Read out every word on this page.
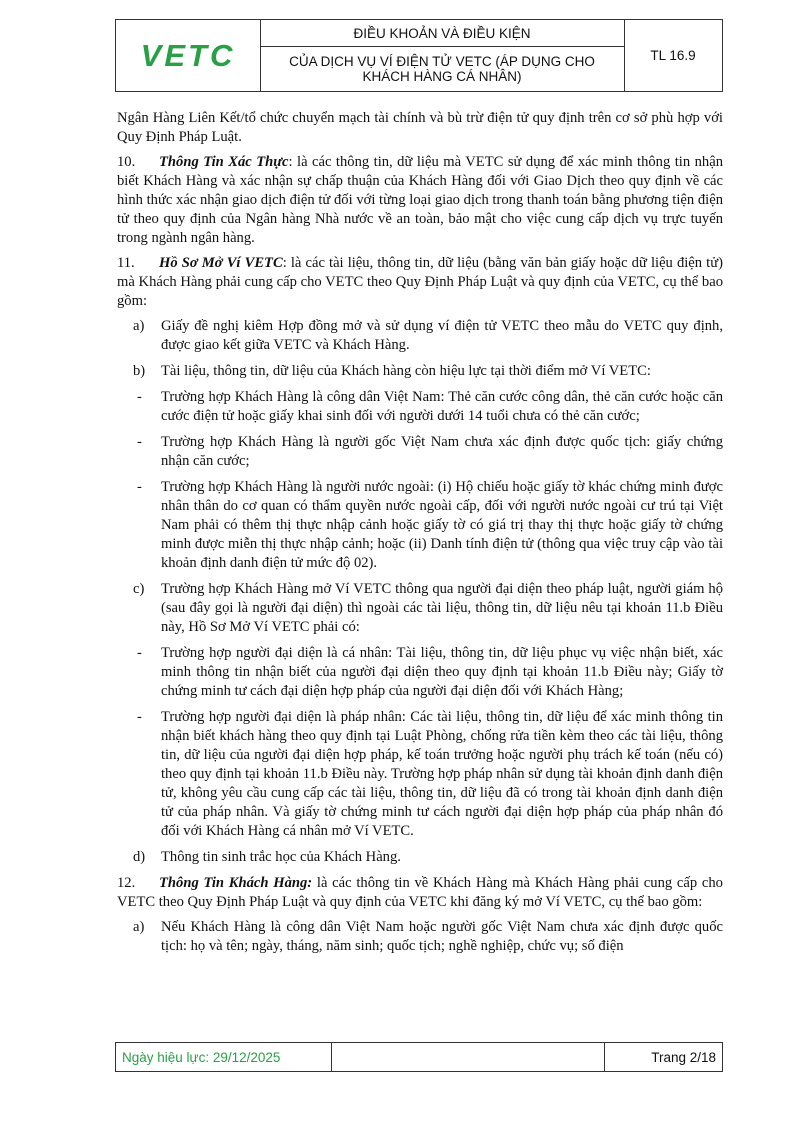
VETC
ĐIỀU KHOẢN VÀ ĐIỀU KIỆN
CỦA DỊCH VỤ VÍ ĐIỆN TỬ VETC (ÁP DỤNG CHO KHÁCH HÀNG CÁ NHÂN)
TL 16.9

Ngân Hàng Liên Kết/tổ chức chuyển mạch tài chính và bù trừ điện tử quy định trên cơ sở phù hợp với Quy Định Pháp Luật.

10. Thông Tin Xác Thực: là các thông tin, dữ liệu mà VETC sử dụng để xác minh thông tin nhận biết Khách Hàng và xác nhận sự chấp thuận của Khách Hàng đối với Giao Dịch theo quy định về các hình thức xác nhận giao dịch điện tử đối với từng loại giao dịch trong thanh toán bằng phương tiện điện tử theo quy định của Ngân hàng Nhà nước về an toàn, bảo mật cho việc cung cấp dịch vụ trực tuyến trong ngành ngân hàng.

11. Hồ Sơ Mở Ví VETC: là các tài liệu, thông tin, dữ liệu (bằng văn bản giấy hoặc dữ liệu điện tử) mà Khách Hàng phải cung cấp cho VETC theo Quy Định Pháp Luật và quy định của VETC, cụ thể bao gồm:

a) Giấy đề nghị kiêm Hợp đồng mở và sử dụng ví điện tử VETC theo mẫu do VETC quy định, được giao kết giữa VETC và Khách Hàng.
b) Tài liệu, thông tin, dữ liệu của Khách hàng còn hiệu lực tại thời điểm mở Ví VETC:
- Trường hợp Khách Hàng là công dân Việt Nam: Thẻ căn cước công dân, thẻ căn cước hoặc căn cước điện tử hoặc giấy khai sinh đối với người dưới 14 tuổi chưa có thẻ căn cước;
- Trường hợp Khách Hàng là người gốc Việt Nam chưa xác định được quốc tịch: giấy chứng nhận căn cước;
- Trường hợp Khách Hàng là người nước ngoài: (i) Hộ chiếu hoặc giấy tờ khác chứng minh được nhân thân do cơ quan có thẩm quyền nước ngoài cấp, đối với người nước ngoài cư trú tại Việt Nam phải có thêm thị thực nhập cảnh hoặc giấy tờ có giá trị thay thị thực hoặc giấy tờ chứng minh được miễn thị thực nhập cảnh; hoặc (ii) Danh tính điện tử (thông qua việc truy cập vào tài khoản định danh điện tử mức độ 02).
c) Trường hợp Khách Hàng mở Ví VETC thông qua người đại diện theo pháp luật, người giám hộ (sau đây gọi là người đại diện) thì ngoài các tài liệu, thông tin, dữ liệu nêu tại khoản 11.b Điều này, Hồ Sơ Mở Ví VETC phải có:
- Trường hợp người đại diện là cá nhân: Tài liệu, thông tin, dữ liệu phục vụ việc nhận biết, xác minh thông tin nhận biết của người đại diện theo quy định tại khoản 11.b Điều này; Giấy tờ chứng minh tư cách đại diện hợp pháp của người đại diện đối với Khách Hàng;
- Trường hợp người đại diện là pháp nhân: Các tài liệu, thông tin, dữ liệu để xác minh thông tin nhận biết khách hàng theo quy định tại Luật Phòng, chống rửa tiền kèm theo các tài liệu, thông tin, dữ liệu của người đại diện hợp pháp, kế toán trưởng hoặc người phụ trách kế toán (nếu có) theo quy định tại khoản 11.b Điều này. Trường hợp pháp nhân sử dụng tài khoản định danh điện tử, không yêu cầu cung cấp các tài liệu, thông tin, dữ liệu đã có trong tài khoản định danh điện tử của pháp nhân. Và giấy tờ chứng minh tư cách người đại diện hợp pháp của pháp nhân đó đối với Khách Hàng cá nhân mở Ví VETC.
d) Thông tin sinh trắc học của Khách Hàng.

12. Thông Tin Khách Hàng: là các thông tin về Khách Hàng mà Khách Hàng phải cung cấp cho VETC theo Quy Định Pháp Luật và quy định của VETC khi đăng ký mở Ví VETC, cụ thể bao gồm:

a) Nếu Khách Hàng là công dân Việt Nam hoặc người gốc Việt Nam chưa xác định được quốc tịch: họ và tên; ngày, tháng, năm sinh; quốc tịch; nghề nghiệp, chức vụ; số điện
Ngày hiệu lực: 29/12/2025	Trang 2/18
